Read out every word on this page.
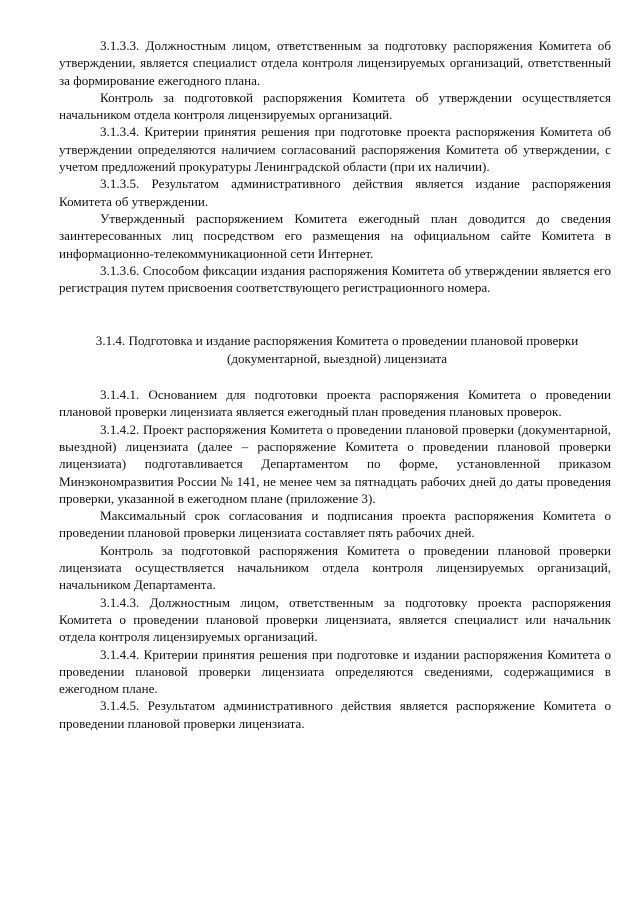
3.1.3.3. Должностным лицом, ответственным за подготовку распоряжения Комитета об утверждении, является специалист отдела контроля лицензируемых организаций, ответственный за формирование ежегодного плана.

Контроль за подготовкой распоряжения Комитета об утверждении осуществляется начальником отдела контроля лицензируемых организаций.

3.1.3.4. Критерии принятия решения при подготовке проекта распоряжения Комитета об утверждении определяются наличием согласований распоряжения Комитета об утверждении, с учетом предложений прокуратуры Ленинградской области (при их наличии).

3.1.3.5. Результатом административного действия является издание распоряжения Комитета об утверждении.

Утвержденный распоряжением Комитета ежегодный план доводится до сведения заинтересованных лиц посредством его размещения на официальном сайте Комитета в информационно-телекоммуникационной сети Интернет.

3.1.3.6. Способом фиксации издания распоряжения Комитета об утверждении является его регистрация путем присвоения соответствующего регистрационного номера.

3.1.4. Подготовка и издание распоряжения Комитета о проведении плановой проверки (документарной, выездной) лицензиата

3.1.4.1. Основанием для подготовки проекта распоряжения Комитета о проведении плановой проверки лицензиата является ежегодный план проведения плановых проверок.

3.1.4.2. Проект распоряжения Комитета о проведении плановой проверки (документарной, выездной) лицензиата (далее – распоряжение Комитета о проведении плановой проверки лицензиата) подготавливается Департаментом по форме, установленной приказом Минэкономразвития России № 141, не менее чем за пятнадцать рабочих дней до даты проведения проверки, указанной в ежегодном плане (приложение 3).

Максимальный срок согласования и подписания проекта распоряжения Комитета о проведении плановой проверки лицензиата составляет пять рабочих дней.

Контроль за подготовкой распоряжения Комитета о проведении плановой проверки лицензиата осуществляется начальником отдела контроля лицензируемых организаций, начальником Департамента.

3.1.4.3. Должностным лицом, ответственным за подготовку проекта распоряжения Комитета о проведении плановой проверки лицензиата, является специалист или начальник отдела контроля лицензируемых организаций.

3.1.4.4. Критерии принятия решения при подготовке и издании распоряжения Комитета о проведении плановой проверки лицензиата определяются сведениями, содержащимися в ежегодном плане.

3.1.4.5. Результатом административного действия является распоряжение Комитета о проведении плановой проверки лицензиата.
